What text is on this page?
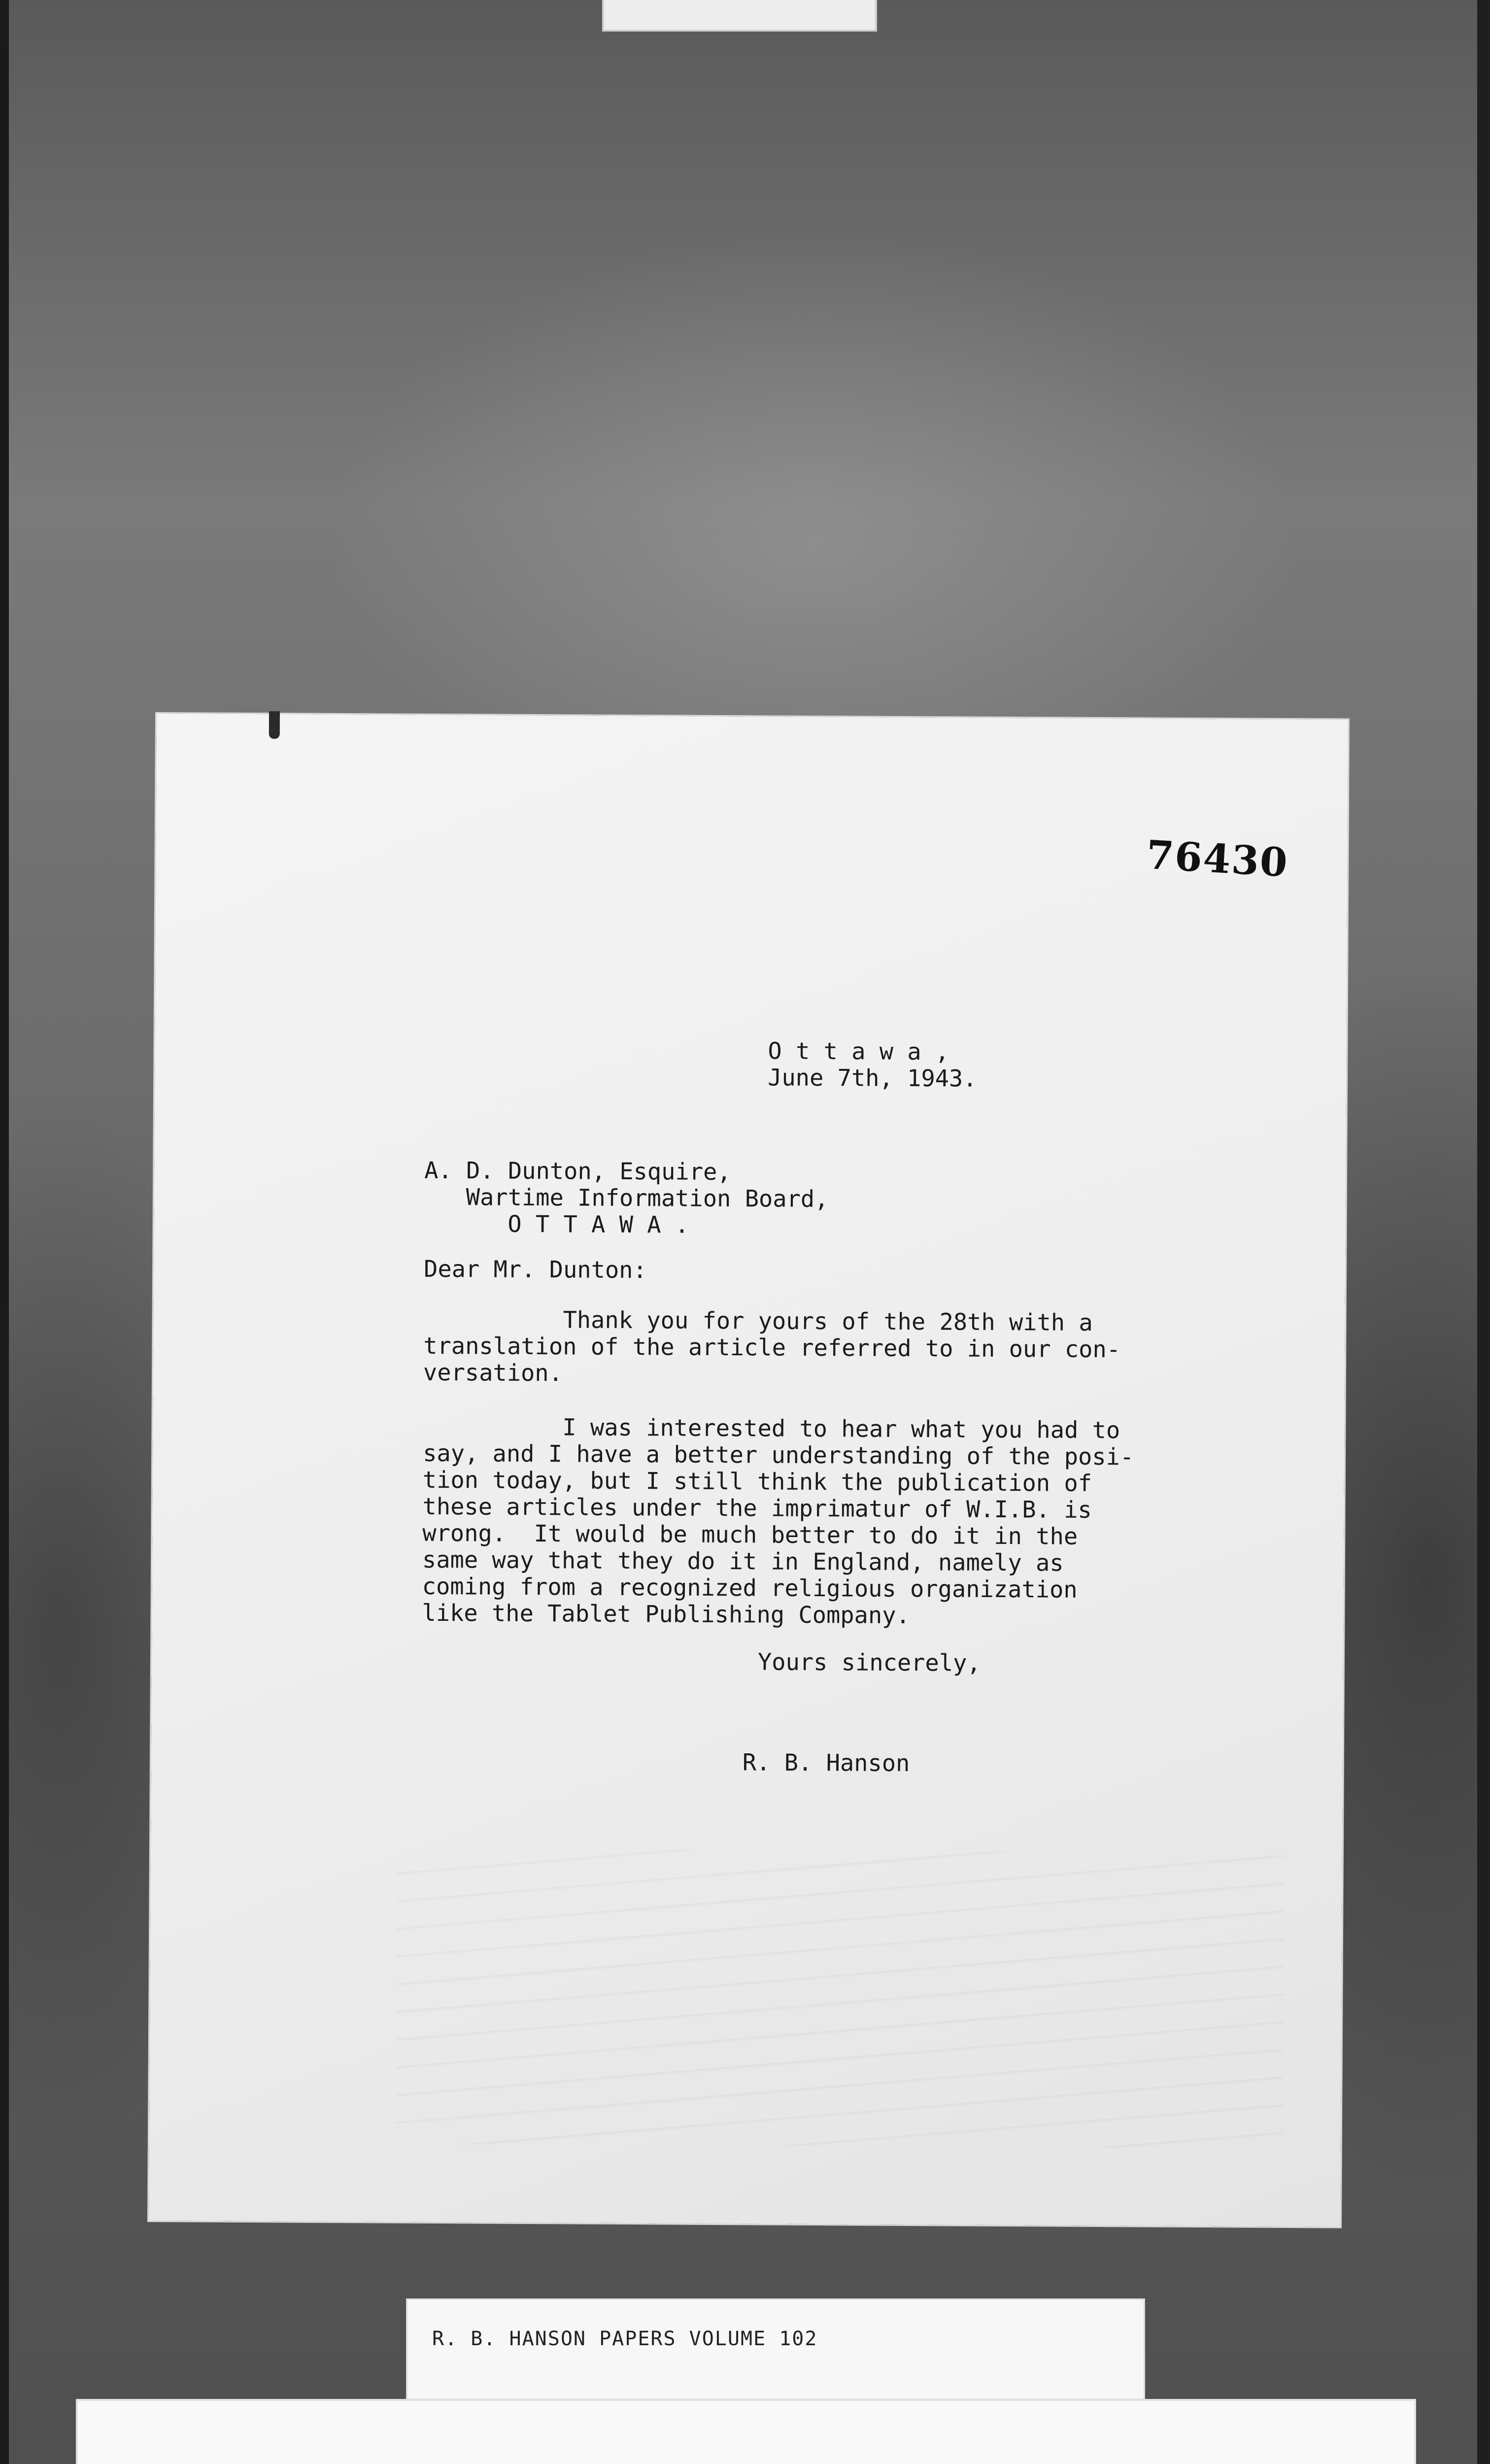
76430
O t t a w a ,
June 7th, 1943.
A. D. Dunton, Esquire,
Wartime Information Board,
O T T A W A .
Dear Mr. Dunton:
Thank you for yours of the 28th with a
translation of the article referred to in our con-
versation.
I was interested to hear what you had to
say, and I have a better understanding of the posi-
tion today, but I still think the publication of
these articles under the imprimatur of W.I.B. is
wrong.  It would be much better to do it in the
same way that they do it in England, namely as
coming from a recognized religious organization
like the Tablet Publishing Company.
Yours sincerely,
R. B. Hanson
R. B. HANSON PAPERS VOLUME 102
